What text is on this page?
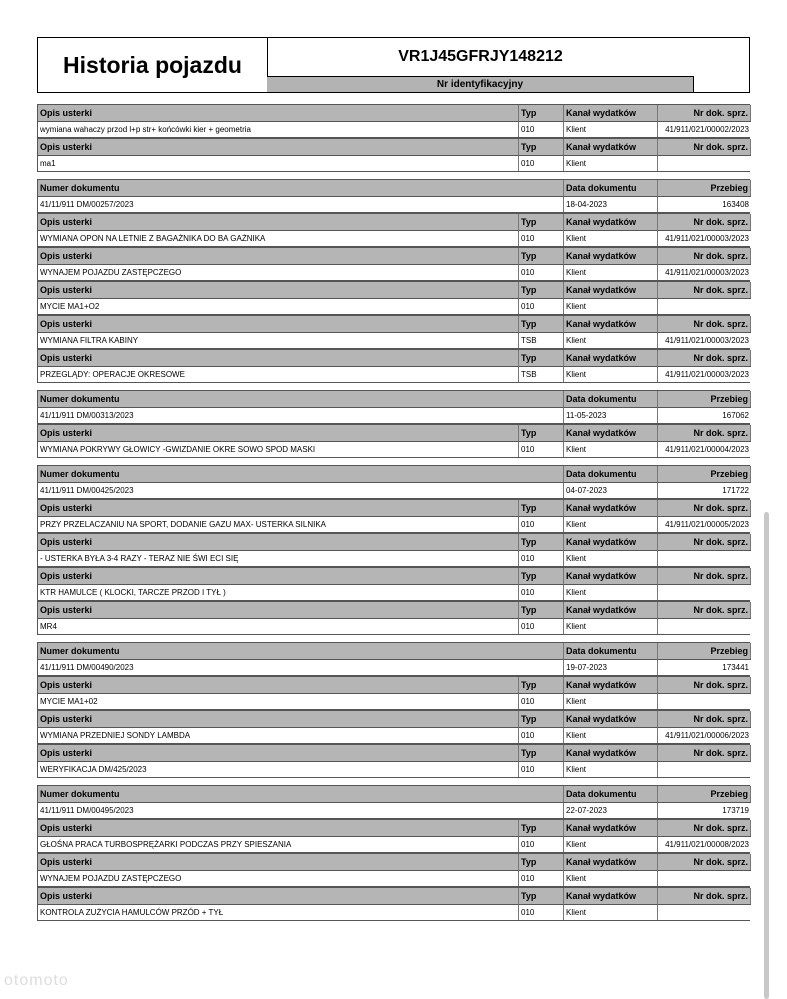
Historia pojazdu	VR1J45GFRJY148212
Nr identyfikacyjny
Opis usterki	Typ	Kanał wydatków	Nr dok. sprz.
wymiana wahaczy przod l+p str+ końcówki kier + geometria	010	Klient	41/911/021/00002/2023
Opis usterki	Typ	Kanał wydatków	Nr dok. sprz.
ma1	010	Klient
Numer dokumentu	Data dokumentu	Przebieg
41/11/911 DM/00257/2023	18-04-2023	163408
Opis usterki	Typ	Kanał wydatków	Nr dok. sprz.
WYMIANA OPON NA LETNIE Z BAGAŻNIKA DO BA GAŻNIKA	010	Klient	41/911/021/00003/2023
Opis usterki	Typ	Kanał wydatków	Nr dok. sprz.
WYNAJEM POJAZDU ZASTĘPCZEGO	010	Klient	41/911/021/00003/2023
Opis usterki	Typ	Kanał wydatków	Nr dok. sprz.
MYCIE MA1+O2	010	Klient
Opis usterki	Typ	Kanał wydatków	Nr dok. sprz.
WYMIANA FILTRA KABINY	TSB	Klient	41/911/021/00003/2023
Opis usterki	Typ	Kanał wydatków	Nr dok. sprz.
PRZEGLĄDY: OPERACJE OKRESOWE	TSB	Klient	41/911/021/00003/2023
Numer dokumentu	Data dokumentu	Przebieg
41/11/911 DM/00313/2023	11-05-2023	167062
Opis usterki	Typ	Kanał wydatków	Nr dok. sprz.
WYMIANA POKRYWY GŁOWICY -GWIZDANIE OKRE SOWO SPOD MASKI	010	Klient	41/911/021/00004/2023
Numer dokumentu	Data dokumentu	Przebieg
41/11/911 DM/00425/2023	04-07-2023	171722
Opis usterki	Typ	Kanał wydatków	Nr dok. sprz.
PRZY PRZELACZANIU NA SPORT, DODANIE GAZU MAX- USTERKA SILNIKA	010	Klient	41/911/021/00005/2023
Opis usterki	Typ	Kanał wydatków	Nr dok. sprz.
- USTERKA BYŁA 3-4 RAZY - TERAZ NIE ŚWI ECI SIĘ	010	Klient
Opis usterki	Typ	Kanał wydatków	Nr dok. sprz.
KTR HAMULCE ( KLOCKI, TARCZE PRZOD I TYŁ )	010	Klient
Opis usterki	Typ	Kanał wydatków	Nr dok. sprz.
MR4	010	Klient
Numer dokumentu	Data dokumentu	Przebieg
41/11/911 DM/00490/2023	19-07-2023	173441
Opis usterki	Typ	Kanał wydatków	Nr dok. sprz.
MYCIE MA1+02	010	Klient
Opis usterki	Typ	Kanał wydatków	Nr dok. sprz.
WYMIANA PRZEDNIEJ SONDY LAMBDA	010	Klient	41/911/021/00006/2023
Opis usterki	Typ	Kanał wydatków	Nr dok. sprz.
WERYFIKACJA DM/425/2023	010	Klient
Numer dokumentu	Data dokumentu	Przebieg
41/11/911 DM/00495/2023	22-07-2023	173719
Opis usterki	Typ	Kanał wydatków	Nr dok. sprz.
GŁOŚNA PRACA TURBOSPRĘŻARKI PODCZAS PRZY SPIESZANIA	010	Klient	41/911/021/00008/2023
Opis usterki	Typ	Kanał wydatków	Nr dok. sprz.
WYNAJEM POJAZDU ZASTĘPCZEGO	010	Klient
Opis usterki	Typ	Kanał wydatków	Nr dok. sprz.
KONTROLA ZUŻYCIA HAMULCÓW PRZÓD + TYŁ	010	Klient
otomoto
